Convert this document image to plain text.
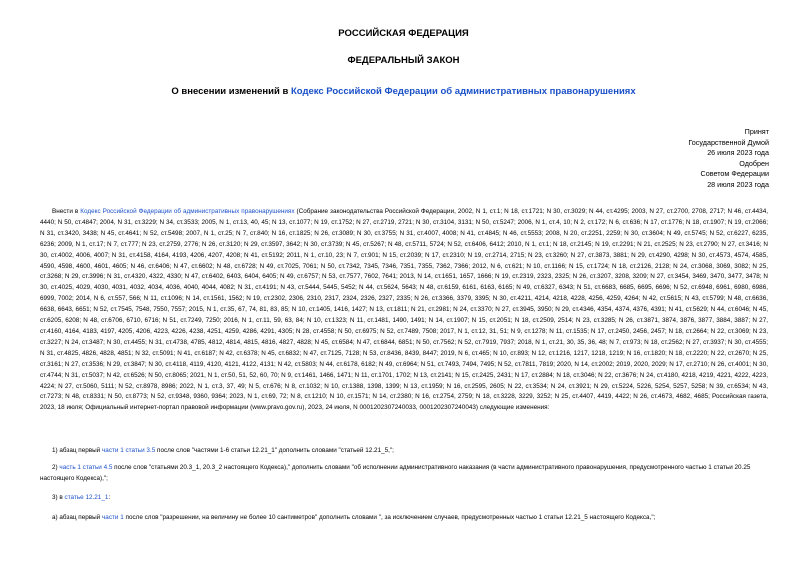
РОССИЙСКАЯ ФЕДЕРАЦИЯ
ФЕДЕРАЛЬНЫЙ ЗАКОН
О внесении изменений в Кодекс Российской Федерации об административных правонарушениях
Принят
Государственной Думой
26 июля 2023 года
Одобрен
Советом Федерации
28 июля 2023 года

Внести в Кодекс Российской Федерации об административных правонарушениях (Собрание законодательства Российской Федерации, 2002, N 1, ст.1; N 18, ст.1721; N 30, ст.3029; N 44, ст.4295; 2003, N 27, ст.2700, 2708, 2717; N 46, ст.4434, 4440; N 50, ст.4847; 2004, N 31, ст.3229; N 34, ст.3533; 2005, N 1, ст.13, 40, 45; N 13, ст.1077; N 19, ст.1752; N 27, ст.2719, 2721; N 30, ст.3104, 3131; N 50, ст.5247; 2006, N 1, ст.4, 10; N 2, ст.172; N 6, ст.636; N 17, ст.1776; N 18, ст.1907; N 19, ст.2066; N 31, ст.3420, 3438; N 45, ст.4641; N 52, ст.5498; 2007, N 1, ст.25; N 7, ст.840; N 16, ст.1825; N 26, ст.3089; N 30, ст.3755; N 31, ст.4007, 4008; N 41, ст.4845; N 46, ст.5553; 2008, N 20, ст.2251, 2259; N 30, ст.3604; N 49, ст.5745; N 52, ст.6227, 6235, 6236; 2009, N 1, ст.17; N 7, ст.777; N 23, ст.2759, 2776; N 26, ст.3120; N 29, ст.3597, 3642; N 30, ст.3739; N 45, ст.5267; N 48, ст.5711, 5724; N 52, ст.6406, 6412; 2010, N 1, ст.1; N 18, ст.2145; N 19, ст.2291; N 21, ст.2525; N 23, ст.2790; N 27, ст.3416; N 30, ст.4002, 4006, 4007; N 31, ст.4158, 4164, 4193, 4206, 4207, 4208; N 41, ст.5192; 2011, N 1, ст.10, 23; N 7, ст.901; N 15, ст.2039; N 17, ст.2310; N 19, ст.2714, 2715; N 23, ст.3260; N 27, ст.3873, 3881; N 29, ст.4290, 4298; N 30, ст.4573, 4574, 4585, 4590, 4598, 4600, 4601, 4605; N 46, ст.6406; N 47, ст.6602; N 48, ст.6728; N 49, ст.7025, 7061; N 50, ст.7342, 7345, 7346, 7351, 7355, 7362, 7366; 2012, N 6, ст.621; N 10, ст.1166; N 15, ст.1724; N 18, ст.2126, 2128; N 24, ст.3068, 3069, 3082; N 25, ст.3268; N 29, ст.3996; N 31, ст.4320, 4322, 4330; N 47, ст.6402, 6403, 6404, 6405; N 49, ст.6757; N 53, ст.7577, 7602, 7641; 2013, N 14, ст.1651, 1657, 1666; N 19, ст.2319, 2323, 2325; N 26, ст.3207, 3208, 3209; N 27, ст.3454, 3469, 3470, 3477, 3478; N 30, ст.4025, 4029, 4030, 4031, 4032, 4034, 4036, 4040, 4044, 4082; N 31, ст.4191; N 43, ст.5444, 5445, 5452; N 44, ст.5624, 5643; N 48, ст.6159, 6161, 6163, 6165; N 49, ст.6327, 6343; N 51, ст.6683, 6685, 6695, 6696; N 52, ст.6948, 6961, 6980, 6986, 6999, 7002; 2014, N 6, ст.557, 566; N 11, ст.1096; N 14, ст.1561, 1562; N 19, ст.2302, 2306, 2310, 2317, 2324, 2326, 2327, 2335; N 26, ст.3366, 3379, 3395; N 30, ст.4211, 4214, 4218, 4228, 4256, 4259, 4264; N 42, ст.5615; N 43, ст.5799; N 48, ст.6636, 6638, 6643, 6651; N 52, ст.7545, 7548, 7550, 7557; 2015, N 1, ст.35, 67, 74, 81, 83, 85; N 10, ст.1405, 1416, 1427; N 13, ст.1811; N 21, ст.2981; N 24, ст.3370; N 27, ст.3945, 3950; N 29, ст.4346, 4354, 4374, 4376, 4391; N 41, ст.5629; N 44, ст.6046; N 45, ст.6205, 6208; N 48, ст.6706, 6710, 6716; N 51, ст.7249, 7250; 2016, N 1, ст.11, 59, 63, 84; N 10, ст.1323; N 11, ст.1481, 1490, 1491; N 14, ст.1907; N 15, ст.2051; N 18, ст.2509, 2514; N 23, ст.3285; N 26, ст.3871, 3874, 3876, 3877, 3884, 3887; N 27, ст.4160, 4164, 4183, 4197, 4205, 4206, 4223, 4226, 4238, 4251, 4259, 4286, 4291, 4305; N 28, ст.4558; N 50, ст.6975; N 52, ст.7489, 7508; 2017, N 1, ст.12, 31, 51; N 9, ст.1278; N 11, ст.1535; N 17, ст.2450, 2456, 2457; N 18, ст.2664; N 22, ст.3069; N 23, ст.3227; N 24, ст.3487; N 30, ст.4455; N 31, ст.4738, 4785, 4812, 4814, 4815, 4816, 4827, 4828; N 45, ст.6584; N 47, ст.6844, 6851; N 50, ст.7562; N 52, ст.7919, 7937; 2018, N 1, ст.21, 30, 35, 36, 48; N 7, ст.973; N 18, ст.2562; N 27, ст.3937; N 30, ст.4555; N 31, ст.4825, 4826, 4828, 4851; N 32, ст.5091; N 41, ст.6187; N 42, ст.6378; N 45, ст.6832; N 47, ст.7125, 7128; N 53, ст.8436, 8439, 8447; 2019, N 6, ст.465; N 10, ст.893; N 12, ст.1216, 1217, 1218, 1219; N 16, ст.1820; N 18, ст.2220; N 22, ст.2670; N 25, ст.3161; N 27, ст.3536; N 29, ст.3847; N 30, ст.4118, 4119, 4120, 4121, 4122, 4131; N 42, ст.5803; N 44, ст.6178, 6182; N 49, ст.6964; N 51, ст.7493, 7494, 7495; N 52, ст.7811, 7819; 2020, N 14, ст.2002; 2019, 2020, 2029; N 17, ст.2710; N 26, ст.4001; N 30, ст.4744; N 31, ст.5037; N 42, ст.6526; N 50, ст.8065; 2021, N 1, ст.50, 51, 52, 60, 70; N 9, ст.1461, 1466, 1471; N 11, ст.1701, 1702; N 13, ст.2141; N 15, ст.2425, 2431; N 17, ст.2884; N 18, ст.3046; N 22, ст.3676; N 24, ст.4180, 4218, 4219, 4221, 4222, 4223, 4224; N 27, ст.5060, 5111; N 52, ст.8978, 8986; 2022, N 1, ст.3, 37, 49; N 5, ст.676; N 8, ст.1032; N 10, ст.1388, 1398, 1399; N 13, ст.1959; N 16, ст.2595, 2605; N 22, ст.3534; N 24, ст.3921; N 29, ст.5224, 5226, 5254, 5257, 5258; N 39, ст.6534; N 43, ст.7273; N 48, ст.8331; N 50, ст.8773; N 52, ст.9348, 9360, 9364; 2023, N 1, ст.69, 72; N 8, ст.1210; N 10, ст.1571; N 14, ст.2380; N 16, ст.2754, 2759; N 18, ст.3228, 3229, 3252; N 25, ст.4407, 4419, 4422; N 26, ст.4673, 4682, 4685; Российская газета, 2023, 18 июля; Официальный интернет-портал правовой информации (www.pravo.gov.ru), 2023, 24 июля, N 0001202307240033, 0001202307240043) следующие изменения:

1) абзац первый части 1 статьи 3.5 после слов "частями 1-6 статьи 12.21_1" дополнить словами "статьей 12.21_5,";
2) часть 1 статьи 4.5 после слов "статьями 20.3_1, 20.3_2 настоящего Кодекса)," дополнить словами "об исполнении административного наказания (в части административного правонарушения, предусмотренного частью 1 статьи 20.25 настоящего Кодекса),";
3) в статье 12.21_1:
а) абзац первый части 1 после слов "разрешении, на величину не более 10 сантиметров" дополнить словами ", за исключением случаев, предусмотренных частью 1 статьи 12.21_5 настоящего Кодекса,";
